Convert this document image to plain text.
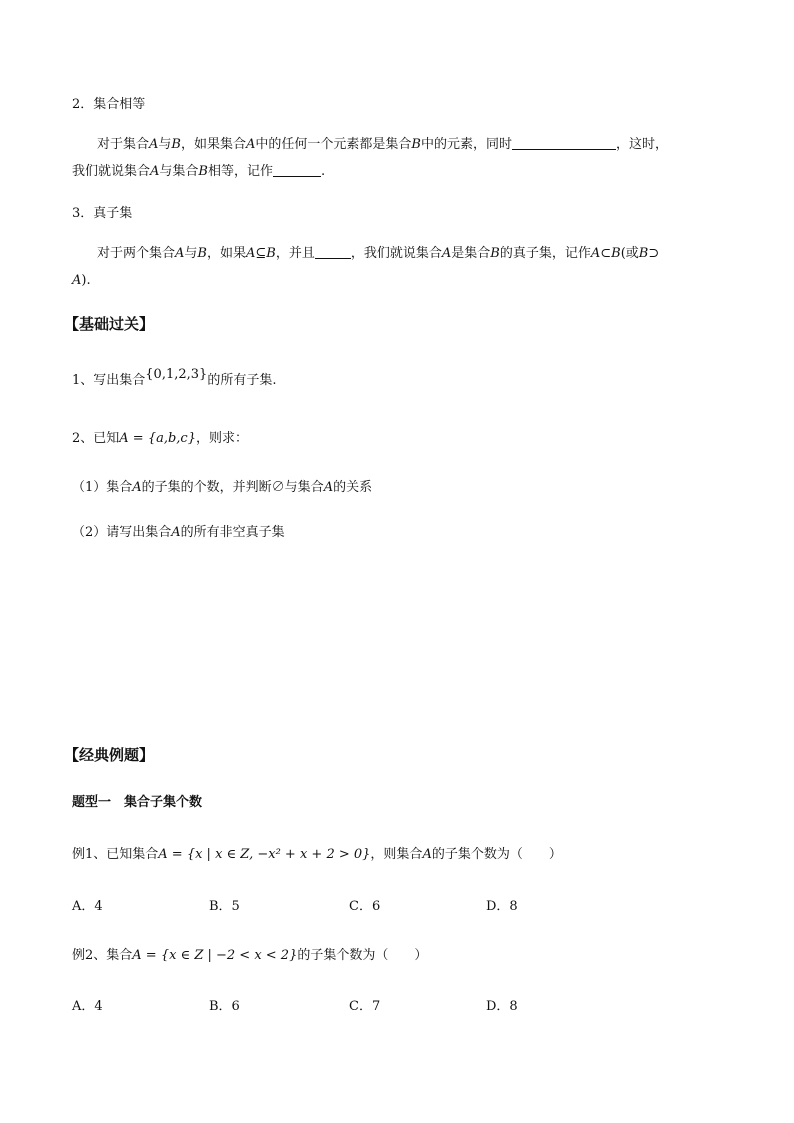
2．集合相等
对于集合A与B，如果集合A中的任何一个元素都是集合B中的元素，同时	，这时，
我们就说集合A与集合B相等，记作	.
3．真子集
对于两个集合A与B，如果A⊆B，并且	，我们就说集合A是集合B的真子集，记作A⊂B(或B⊃
A).
【基础过关】
1、写出集合{0,1,2,3}的所有子集.
2、已知A = {a,b,c}，则求：
（1）集合A的子集的个数，并判断∅与集合A的关系
（2）请写出集合A的所有非空真子集
【经典例题】
题型一　集合子集个数
例1、已知集合A = {x | x ∈ Z, −x² + x + 2 > 0}，则集合A的子集个数为（　　）
A．4	B．5	C．6	D．8
例2、集合A = {x ∈ Z | −2 < x < 2}的子集个数为（　　）
A．4	B．6	C．7	D．8
